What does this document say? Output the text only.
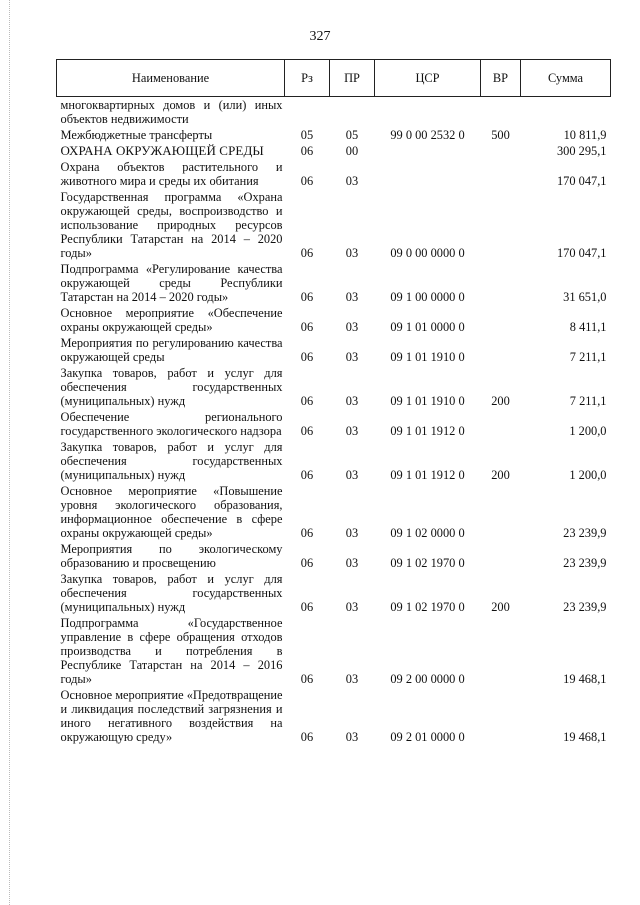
327
Наименование	Рз	ПР	ЦСР	ВР	Сумма
многоквартирных домов и (или) иных объектов недвижимости					
Межбюджетные трансферты	05	05	99 0 00 2532 0	500	10 811,9
ОХРАНА ОКРУЖАЮЩЕЙ СРЕДЫ	06	00			300 295,1
Охрана объектов растительного и животного мира и среды их обитания	06	03			170 047,1
Государственная программа «Охрана окружающей среды, воспроизводство и использование природных ресурсов Республики Татарстан на 2014 – 2020 годы»	06	03	09 0 00 0000 0		170 047,1
Подпрограмма «Регулирование качества окружающей среды Республики Татарстан на 2014 – 2020 годы»	06	03	09 1 00 0000 0		31 651,0
Основное мероприятие «Обеспечение охраны окружающей среды»	06	03	09 1 01 0000 0		8 411,1
Мероприятия по регулированию качества окружающей среды	06	03	09 1 01 1910 0		7 211,1
Закупка товаров, работ и услуг для обеспечения государственных (муниципальных) нужд	06	03	09 1 01 1910 0	200	7 211,1
Обеспечение регионального государственного экологического надзора	06	03	09 1 01 1912 0		1 200,0
Закупка товаров, работ и услуг для обеспечения государственных (муниципальных) нужд	06	03	09 1 01 1912 0	200	1 200,0
Основное мероприятие «Повышение уровня экологического образования, информационное обеспечение в сфере охраны окружающей среды»	06	03	09 1 02 0000 0		23 239,9
Мероприятия по экологическому образованию и просвещению	06	03	09 1 02 1970 0		23 239,9
Закупка товаров, работ и услуг для обеспечения государственных (муниципальных) нужд	06	03	09 1 02 1970 0	200	23 239,9
Подпрограмма «Государственное управление в сфере обращения отходов производства и потребления в Республике Татарстан на 2014 – 2016 годы»	06	03	09 2 00 0000 0		19 468,1
Основное мероприятие «Предотвращение и ликвидация последствий загрязнения и иного негативного воздействия на окружающую среду»	06	03	09 2 01 0000 0		19 468,1
